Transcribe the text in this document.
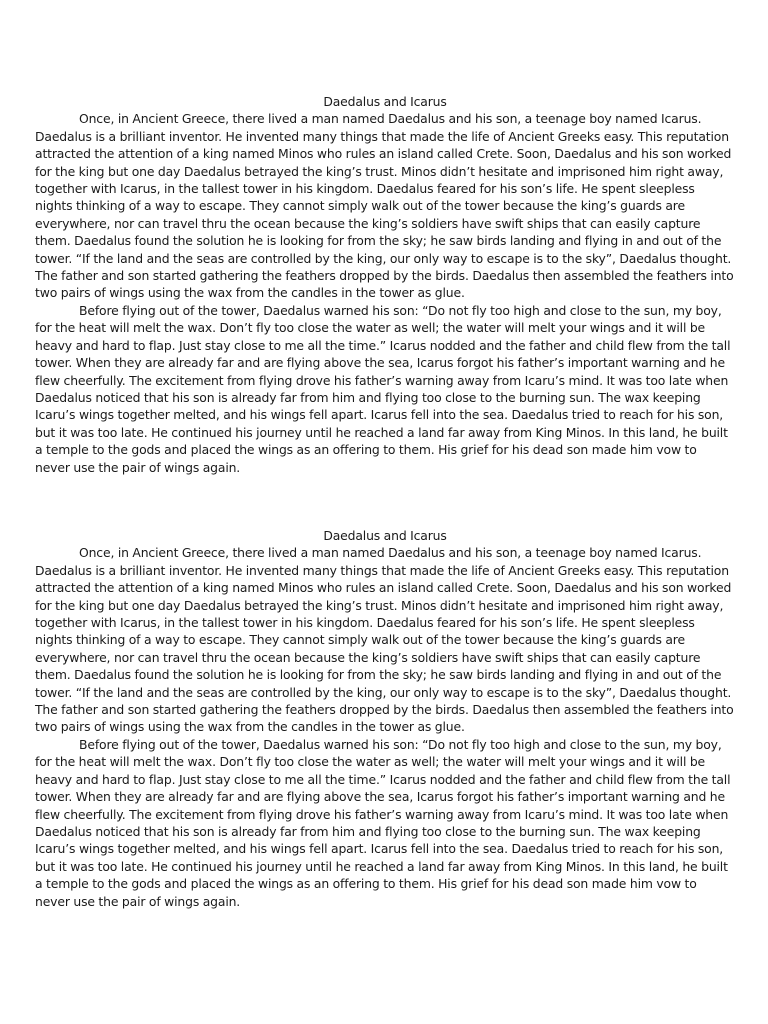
Daedalus and Icarus

Once, in Ancient Greece, there lived a man named Daedalus and his son, a teenage boy named Icarus. Daedalus is a brilliant inventor. He invented many things that made the life of Ancient Greeks easy. This reputation attracted the attention of a king named Minos who rules an island called Crete. Soon, Daedalus and his son worked for the king but one day Daedalus betrayed the king’s trust. Minos didn’t hesitate and imprisoned him right away, together with Icarus, in the tallest tower in his kingdom. Daedalus feared for his son’s life. He spent sleepless nights thinking of a way to escape. They cannot simply walk out of the tower because the king’s guards are everywhere, nor can travel thru the ocean because the king’s soldiers have swift ships that can easily capture them. Daedalus found the solution he is looking for from the sky; he saw birds landing and flying in and out of the tower. “If the land and the seas are controlled by the king, our only way to escape is to the sky”, Daedalus thought. The father and son started gathering the feathers dropped by the birds. Daedalus then assembled the feathers into two pairs of wings using the wax from the candles in the tower as glue.

Before flying out of the tower, Daedalus warned his son: “Do not fly too high and close to the sun, my boy, for the heat will melt the wax. Don’t fly too close the water as well; the water will melt your wings and it will be heavy and hard to flap. Just stay close to me all the time.” Icarus nodded and the father and child flew from the tall tower. When they are already far and are flying above the sea, Icarus forgot his father’s important warning and he flew cheerfully. The excitement from flying drove his father’s warning away from Icaru’s mind. It was too late when Daedalus noticed that his son is already far from him and flying too close to the burning sun. The wax keeping Icaru’s wings together melted, and his wings fell apart. Icarus fell into the sea. Daedalus tried to reach for his son, but it was too late. He continued his journey until he reached a land far away from King Minos. In this land, he built a temple to the gods and placed the wings as an offering to them. His grief for his dead son made him vow to never use the pair of wings again.

Daedalus and Icarus

Once, in Ancient Greece, there lived a man named Daedalus and his son, a teenage boy named Icarus. Daedalus is a brilliant inventor. He invented many things that made the life of Ancient Greeks easy. This reputation attracted the attention of a king named Minos who rules an island called Crete. Soon, Daedalus and his son worked for the king but one day Daedalus betrayed the king’s trust. Minos didn’t hesitate and imprisoned him right away, together with Icarus, in the tallest tower in his kingdom. Daedalus feared for his son’s life. He spent sleepless nights thinking of a way to escape. They cannot simply walk out of the tower because the king’s guards are everywhere, nor can travel thru the ocean because the king’s soldiers have swift ships that can easily capture them. Daedalus found the solution he is looking for from the sky; he saw birds landing and flying in and out of the tower. “If the land and the seas are controlled by the king, our only way to escape is to the sky”, Daedalus thought. The father and son started gathering the feathers dropped by the birds. Daedalus then assembled the feathers into two pairs of wings using the wax from the candles in the tower as glue.

Before flying out of the tower, Daedalus warned his son: “Do not fly too high and close to the sun, my boy, for the heat will melt the wax. Don’t fly too close the water as well; the water will melt your wings and it will be heavy and hard to flap. Just stay close to me all the time.” Icarus nodded and the father and child flew from the tall tower. When they are already far and are flying above the sea, Icarus forgot his father’s important warning and he flew cheerfully. The excitement from flying drove his father’s warning away from Icaru’s mind. It was too late when Daedalus noticed that his son is already far from him and flying too close to the burning sun. The wax keeping Icaru’s wings together melted, and his wings fell apart. Icarus fell into the sea. Daedalus tried to reach for his son, but it was too late. He continued his journey until he reached a land far away from King Minos. In this land, he built a temple to the gods and placed the wings as an offering to them. His grief for his dead son made him vow to never use the pair of wings again.
